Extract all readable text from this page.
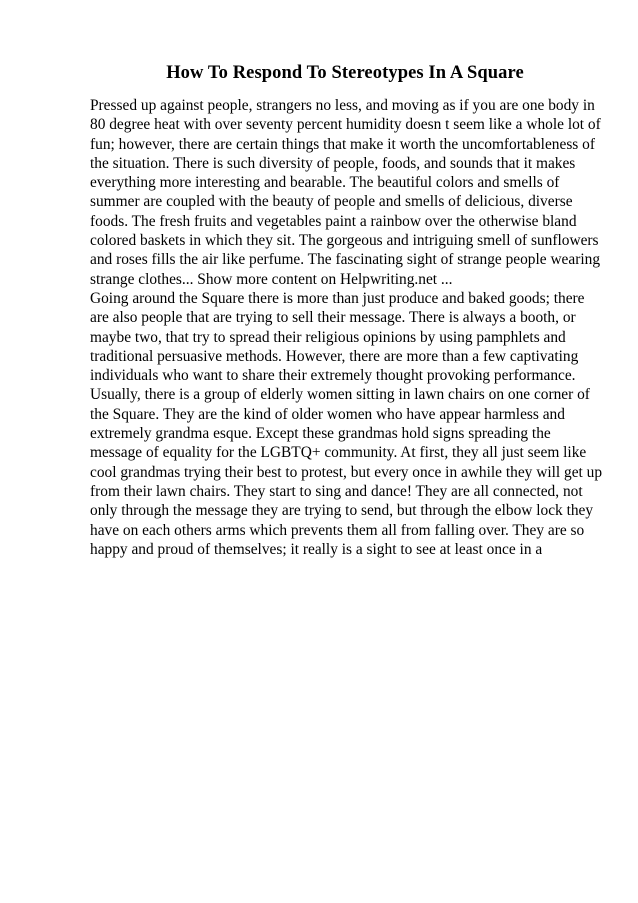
How To Respond To Stereotypes In A Square
Pressed up against people, strangers no less, and moving as if you are one body in
80 degree heat with over seventy percent humidity doesn t seem like a whole lot of
fun; however, there are certain things that make it worth the uncomfortableness of
the situation. There is such diversity of people, foods, and sounds that it makes
everything more interesting and bearable. The beautiful colors and smells of
summer are coupled with the beauty of people and smells of delicious, diverse
foods. The fresh fruits and vegetables paint a rainbow over the otherwise bland
colored baskets in which they sit. The gorgeous and intriguing smell of sunflowers
and roses fills the air like perfume. The fascinating sight of strange people wearing
strange clothes... Show more content on Helpwriting.net ...
Going around the Square there is more than just produce and baked goods; there
are also people that are trying to sell their message. There is always a booth, or
maybe two, that try to spread their religious opinions by using pamphlets and
traditional persuasive methods. However, there are more than a few captivating
individuals who want to share their extremely thought provoking performance.
Usually, there is a group of elderly women sitting in lawn chairs on one corner of
the Square. They are the kind of older women who have appear harmless and
extremely grandma esque. Except these grandmas hold signs spreading the
message of equality for the LGBTQ+ community. At first, they all just seem like
cool grandmas trying their best to protest, but every once in awhile they will get up
from their lawn chairs. They start to sing and dance! They are all connected, not
only through the message they are trying to send, but through the elbow lock they
have on each others arms which prevents them all from falling over. They are so
happy and proud of themselves; it really is a sight to see at least once in a
